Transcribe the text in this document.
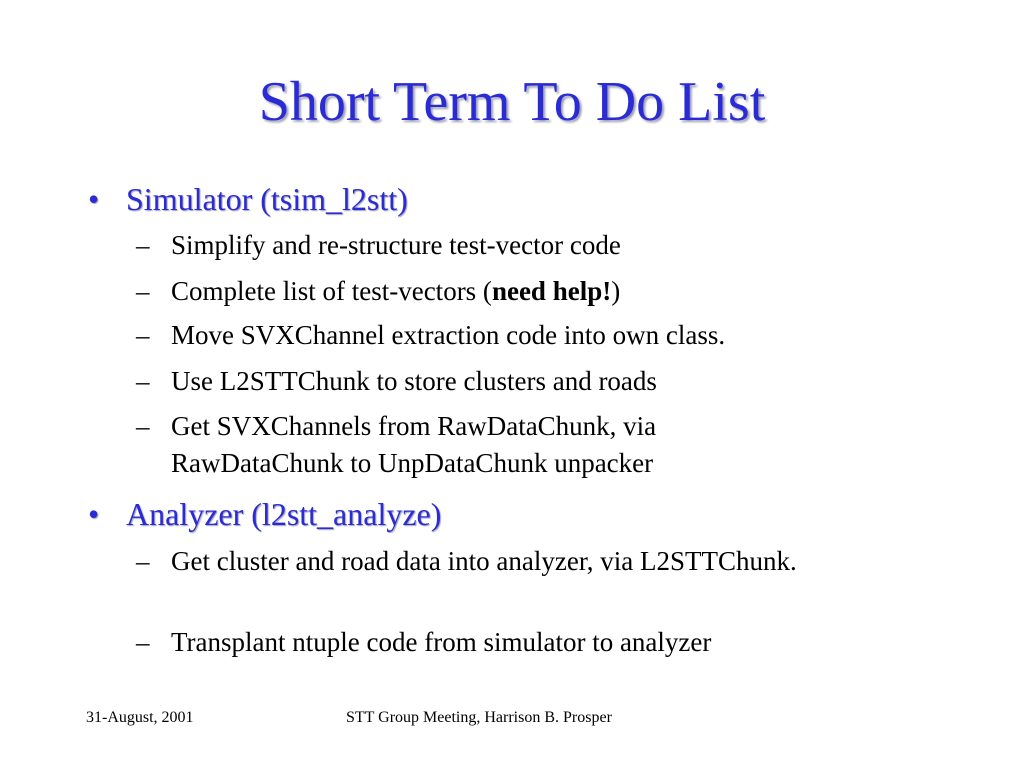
Short Term To Do List
• Simulator (tsim_l2stt)
– Simplify and re-structure test-vector code
– Complete list of test-vectors (need help!)
– Move SVXChannel extraction code into own class.
– Use L2STTChunk to store clusters and roads
– Get SVXChannels from RawDataChunk, via RawDataChunk to UnpDataChunk unpacker
• Analyzer (l2stt_analyze)
– Get cluster and road data into analyzer, via L2STTChunk.
– Transplant ntuple code from simulator to analyzer
31-August, 2001	STT Group Meeting, Harrison B. Prosper
